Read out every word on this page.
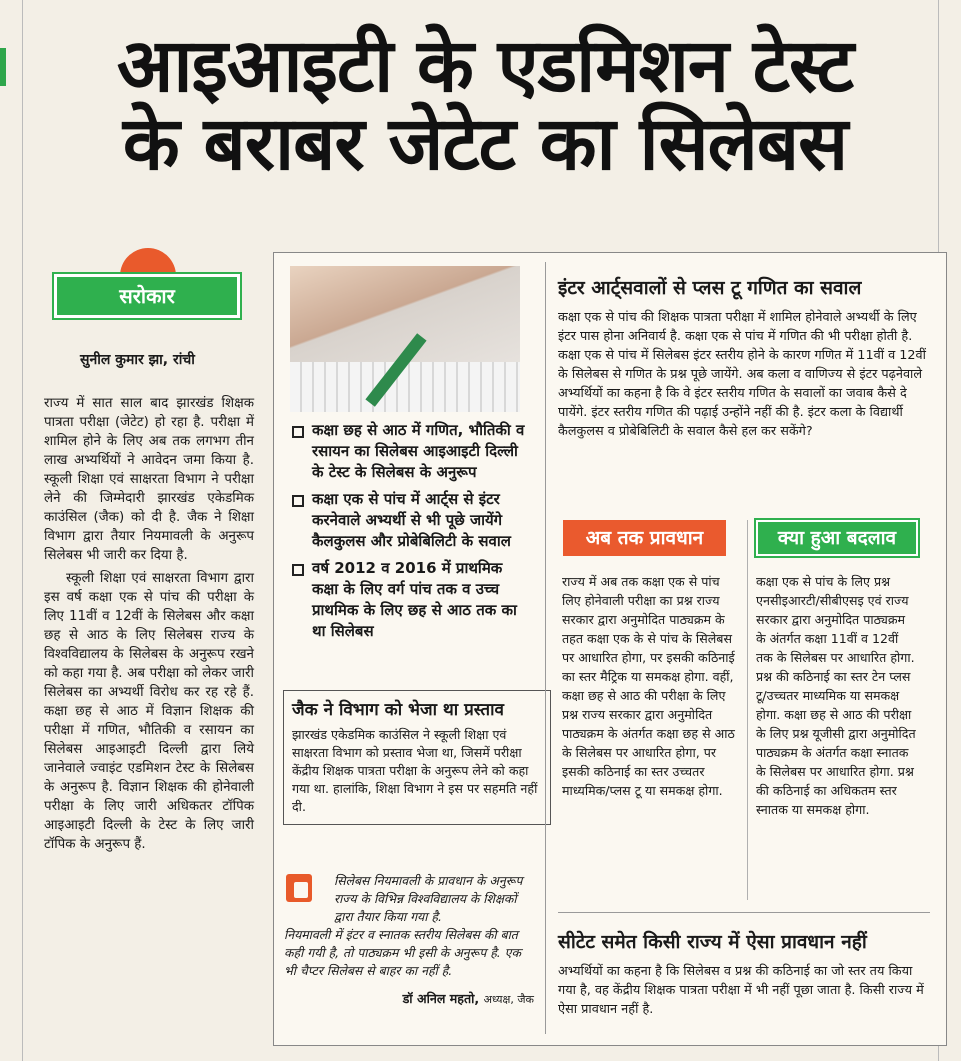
आइआइटी के एडमिशन टेस्ट
के बराबर जेटेट का सिलेबस
सरोकार
सुनील कुमार झा, रांची

राज्य में सात साल बाद झारखंड शिक्षक पात्रता परीक्षा (जेटेट) हो रहा है. परीक्षा में शामिल होने के लिए अब तक लगभग तीन लाख अभ्यर्थियों ने आवेदन जमा किया है. स्कूली शिक्षा एवं साक्षरता विभाग ने परीक्षा लेने की जिम्मेदारी झारखंड एकेडमिक काउंसिल (जैक) को दी है. जैक ने शिक्षा विभाग द्वारा तैयार नियमावली के अनुरूप सिलेबस भी जारी कर दिया है.

स्कूली शिक्षा एवं साक्षरता विभाग द्वारा इस वर्ष कक्षा एक से पांच की परीक्षा के लिए 11वीं व 12वीं के सिलेबस और कक्षा छह से आठ के लिए सिलेबस राज्य के विश्वविद्यालय के सिलेबस के अनुरूप रखने को कहा गया है. अब परीक्षा को लेकर जारी सिलेबस का अभ्यर्थी विरोध कर रह रहे हैं. कक्षा छह से आठ में विज्ञान शिक्षक की परीक्षा में गणित, भौतिकी व रसायन का सिलेबस आइआइटी दिल्ली द्वारा लिये जानेवाले ज्वाइंट एडमिशन टेस्ट के सिलेबस के अनुरूप है. विज्ञान शिक्षक की होनेवाली परीक्षा के लिए जारी अधिकतर टॉपिक आइआइटी दिल्ली के टेस्ट के लिए जारी टॉपिक के अनुरूप हैं.

कक्षा छह से आठ में गणित, भौतिकी व रसायन का सिलेबस आइआइटी दिल्ली के टेस्ट के सिलेबस के अनुरूप
कक्षा एक से पांच में आर्ट्स से इंटर करनेवाले अभ्यर्थी से भी पूछे जायेंगे कैलकुलस और प्रोबेबिलिटी के सवाल
वर्ष 2012 व 2016 में प्राथमिक कक्षा के लिए वर्ग पांच तक व उच्च प्राथमिक के लिए छह से आठ तक का था सिलेबस
जैक ने विभाग को भेजा था प्रस्ताव

झारखंड एकेडमिक काउंसिल ने स्कूली शिक्षा एवं साक्षरता विभाग को प्रस्ताव भेजा था, जिसमें परीक्षा केंद्रीय शिक्षक पात्रता परीक्षा के अनुरूप लेने को कहा गया था. हालांकि, शिक्षा विभाग ने इस पर सहमति नहीं दी.

सिलेबस नियमावली के प्रावधान के अनुरूप राज्य के विभिन्न विश्वविद्यालय के शिक्षकों द्वारा तैयार किया गया है.

नियमावली में इंटर व स्नातक स्तरीय सिलेबस की बात कही गयी है, तो पाठ्यक्रम भी इसी के अनुरूप है. एक भी चैप्टर सिलेबस से बाहर का नहीं है.

डॉ अनिल महतो, अध्यक्ष, जैक
इंटर आर्ट्सवालों से प्लस टू गणित का सवाल

कक्षा एक से पांच की शिक्षक पात्रता परीक्षा में शामिल होनेवाले अभ्यर्थी के लिए इंटर पास होना अनिवार्य है. कक्षा एक से पांच में गणित की भी परीक्षा होती है. कक्षा एक से पांच में सिलेबस इंटर स्तरीय होने के कारण गणित में 11वीं व 12वीं के सिलेबस से गणित के प्रश्न पूछे जायेंगे. अब कला व वाणिज्य से इंटर पढ़नेवाले अभ्यर्थियों का कहना है कि वे इंटर स्तरीय गणित के सवालों का जवाब कैसे दे पायेंगे. इंटर स्तरीय गणित की पढ़ाई उन्होंने नहीं की है. इंटर कला के विद्यार्थी कैलकुलस व प्रोबेबिलिटी के सवाल कैसे हल कर सकेंगे?

अब तक प्रावधान	क्या हुआ बदलाव
राज्य में अब तक कक्षा एक से पांच लिए होनेवाली परीक्षा का प्रश्न राज्य सरकार द्वारा अनुमोदित पाठ्यक्रम के तहत कक्षा एक के से पांच के सिलेबस पर आधारित होगा, पर इसकी कठिनाई का स्तर मैट्रिक या समकक्ष होगा. वहीं, कक्षा छह से आठ की परीक्षा के लिए प्रश्न राज्य सरकार द्वारा अनुमोदित पाठ्यक्रम के अंतर्गत कक्षा छह से आठ के सिलेबस पर आधारित होगा, पर इसकी कठिनाई का स्तर उच्चतर माध्यमिक/प्लस टू या समकक्ष होगा.
कक्षा एक से पांच के लिए प्रश्न एनसीइआरटी/सीबीएसइ एवं राज्य सरकार द्वारा अनुमोदित पाठ्यक्रम के अंतर्गत कक्षा 11वीं व 12वीं तक के सिलेबस पर आधारित होगा. प्रश्न की कठिनाई का स्तर टेन प्लस टू/उच्चतर माध्यमिक या समकक्ष होगा. कक्षा छह से आठ की परीक्षा के लिए प्रश्न यूजीसी द्वारा अनुमोदित पाठ्यक्रम के अंतर्गत कक्षा स्नातक के सिलेबस पर आधारित होगा. प्रश्न की कठिनाई का अधिकतम स्तर स्नातक या समकक्ष होगा.
सीटेट समेत किसी राज्य में ऐसा प्रावधान नहीं

अभ्यर्थियों का कहना है कि सिलेबस व प्रश्न की कठिनाई का जो स्तर तय किया गया है, वह केंद्रीय शिक्षक पात्रता परीक्षा में भी नहीं पूछा जाता है. किसी राज्य में ऐसा प्रावधान नहीं है.
